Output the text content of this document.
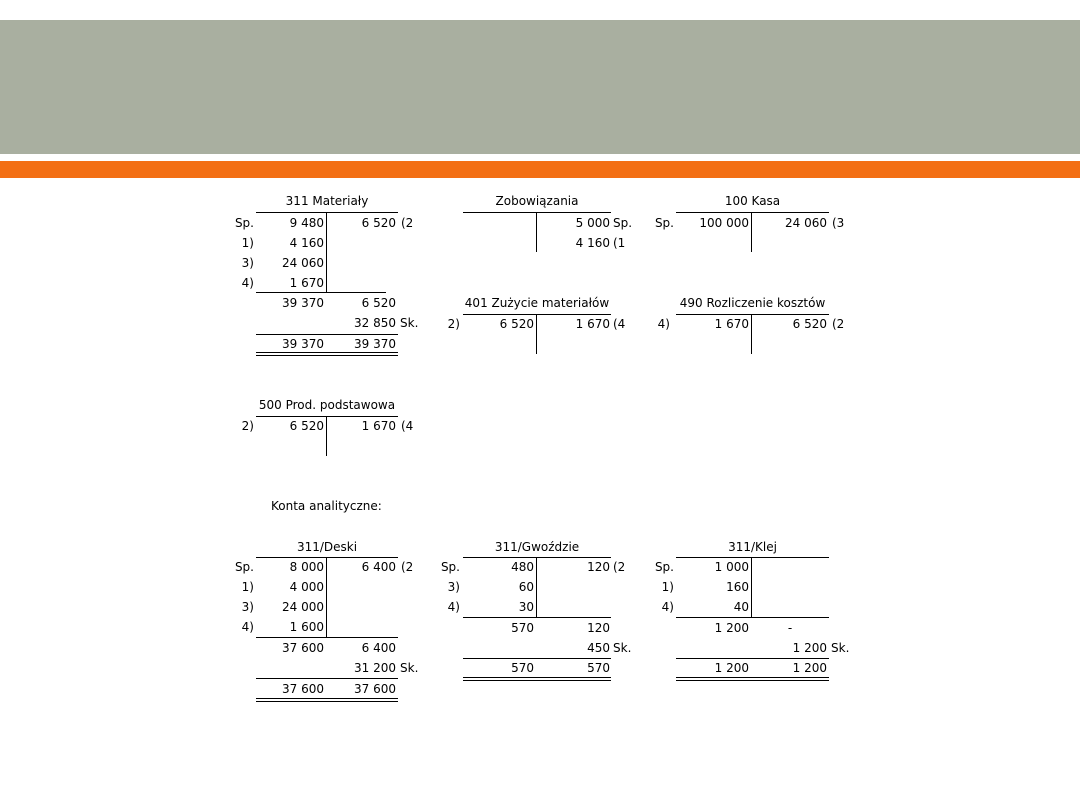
311 Materiały
Sp.	9 480	6 520 (2
1)	4 160
3)	24 060
4)	1 670
39 370	6 520
32 850 Sk.
39 370	39 370
Zobowiązania
5 000 Sp.
4 160 (1
100 Kasa
Sp.	100 000	24 060 (3
401 Zużycie materiałów
2)	6 520	1 670 (4
490 Rozliczenie kosztów
4)	1 670	6 520 (2
500 Prod. podstawowa
2)	6 520	1 670 (4
Konta analityczne:
311/Deski
Sp.	8 000	6 400 (2
1)	4 000
3)	24 000
4)	1 600
37 600	6 400
31 200 Sk.
37 600	37 600
311/Gwoździe
Sp.	480	120 (2
3)	60
4)	30
570	120
450 Sk.
570	570
311/Klej
Sp.	1 000
1)	160
4)	40
1 200	-
1 200 Sk.
1 200	1 200
